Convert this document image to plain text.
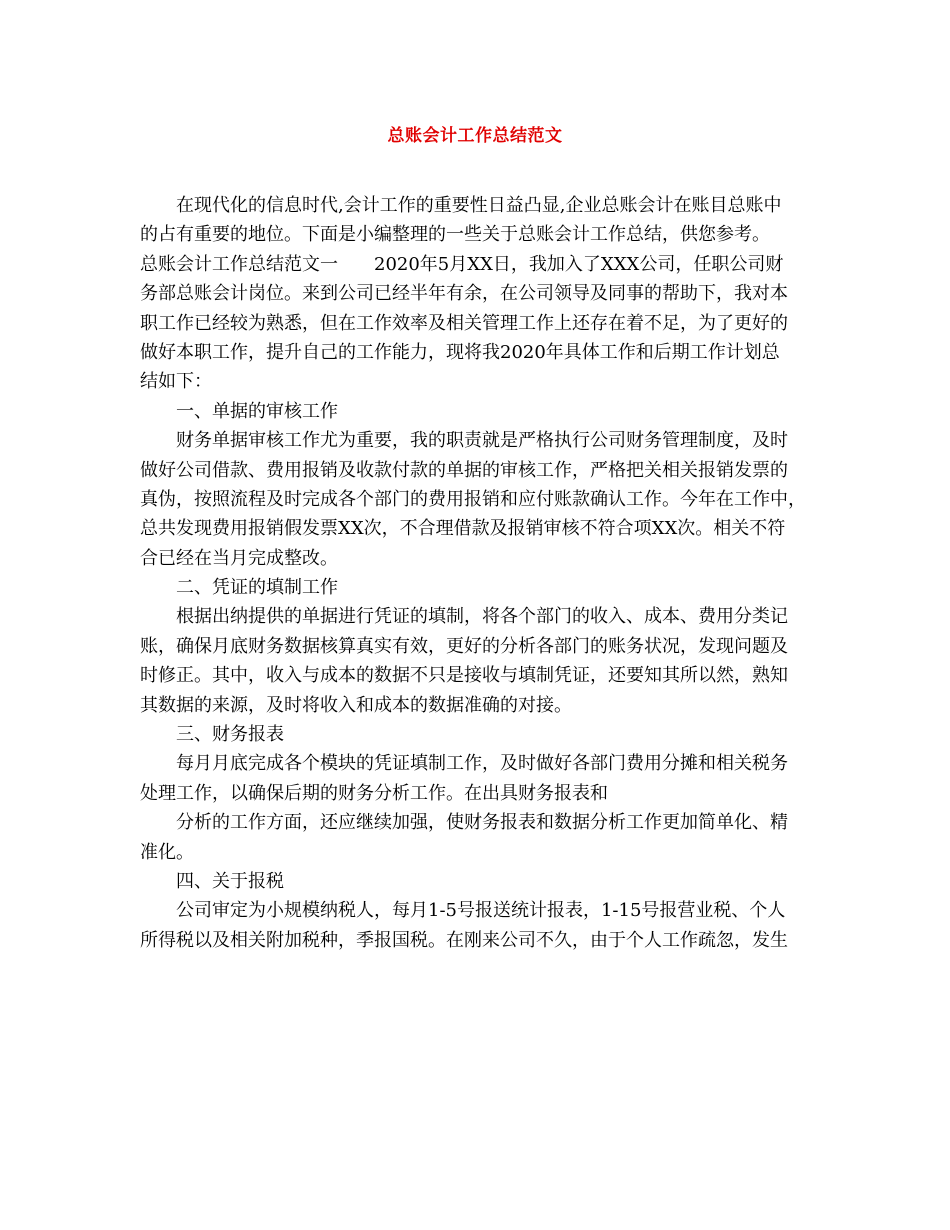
总账会计工作总结范文
在现代化的信息时代,会计工作的重要性日益凸显,企业总账会计在账目总账中
的占有重要的地位。下面是小编整理的一些关于总账会计工作总结，供您参考。
总账会计工作总结范文一　　2020年5月XX日，我加入了XXX公司，任职公司财
务部总账会计岗位。来到公司已经半年有余，在公司领导及同事的帮助下，我对本
职工作已经较为熟悉，但在工作效率及相关管理工作上还存在着不足，为了更好的
做好本职工作，提升自己的工作能力，现将我2020年具体工作和后期工作计划总
结如下：
一、单据的审核工作
财务单据审核工作尤为重要，我的职责就是严格执行公司财务管理制度，及时
做好公司借款、费用报销及收款付款的单据的审核工作，严格把关相关报销发票的
真伪，按照流程及时完成各个部门的费用报销和应付账款确认工作。今年在工作中，
总共发现费用报销假发票XX次，不合理借款及报销审核不符合项XX次。相关不符
合已经在当月完成整改。
二、凭证的填制工作
根据出纳提供的单据进行凭证的填制，将各个部门的收入、成本、费用分类记
账，确保月底财务数据核算真实有效，更好的分析各部门的账务状况，发现问题及
时修正。其中，收入与成本的数据不只是接收与填制凭证，还要知其所以然，熟知
其数据的来源，及时将收入和成本的数据准确的对接。
三、财务报表
每月月底完成各个模块的凭证填制工作，及时做好各部门费用分摊和相关税务
处理工作，以确保后期的财务分析工作。在出具财务报表和
分析的工作方面，还应继续加强，使财务报表和数据分析工作更加简单化、精
准化。
四、关于报税
公司审定为小规模纳税人，每月1-5号报送统计报表，1-15号报营业税、个人
所得税以及相关附加税种，季报国税。在刚来公司不久，由于个人工作疏忽，发生
